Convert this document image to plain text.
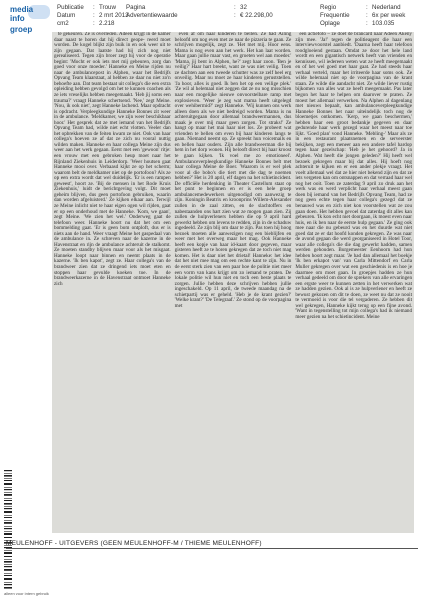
media
info
groep
Publicatie	: Trouw
Datum	: 2 mrt 2013
cm2	: 2.218
Pagina	: 32
Advertentiewaarde	: € 22.298,00
Regio	: Nederland
Frequentie	: 6x per week
Oplage	: 103.035

te gekeuren. Ze is overleden. Adeen krijgt in de kamer daar naast te horen dat hij direct geope- reerd moet worden. De kogel blijkt zijn buik in en ook weer uit te zijn gegaan. Dat laatste had hij zich nog niet gerealiseerd. Tegen zijn broer zegt hij voor de operatie begint: 'Mocht er ook iets met mij gebeuren, zorg dan goed voor onze moeder.' Hanneke en Meine rijden nu naar de ambulancepost in Alphen, waar het Bedrijfs Opvang Team klaarstaat, al hebben ze daar nu niet zo'n behoefte aan. Dat team bestaat uit collega's die een extra opleiding hebben gevolgd om het te kunnen coachen als ze iets vreselijks hebben meegemaakt. 'Heb jij soms een trauma?' vraagt Hanneke schertsend. 'Nee,' zegt Meine. 'Nou, ik ook niet', zegt Hanneke lachend. Maar opdracht is opdracht. Verpleegkundige Hanneke Bonnes zit weer in de ambulance. 'Meldkamer, we zijn weer beschikbaar hoor.' Het gesprek dat ze met iemand van het Bedrijfs Opvang Team had, wilde niet echt vlotten. Veeler dan het opbrekken van de feiten kwam ze niet. Ook van haar collega's hoeven ze af dat ze zich nu vooral nuttig wilden maken. Hanneke en haar collega Meine zijn dus weer aan het werk gegaan. Eerst met een 'gewoon' ritje: een vrouw met een gebroken heup moet naar het Rijnland Ziekenhuis in Leiderdorp. 'Weer houtsen gaat Hanneke mooi over. Verbaasd kijkt ze op het scherm; waarom belt de meldkamer niet op de portofoon? Als ze op een extra wordt dat wel duidelijk. 'Er is een rampen geweest', hoort ze. 'Bij de mensen in het Rode Kruis Ziekenhuis,' luidt de berichtgeving volgt. Dit moet geheim blijven, dus geen portofoon gebruiken, waarin dan worden afgeluisterd.' Ze kijken elkaar aan. Terwijl ze Meine inlicht niet te haar eigen ogen wil rijden, gaat er op een onderhoud met de Hanneke. 'Kom, we gaan', zegt Meine. 'We zien het wel.' Onderweg gaat de telefoon weer. Hanneke hoort nu dat het om een bommelding gaat. 'Er is geen bom ontploft, dus er is niets aan de hand. Weer vraagt Meine het gaspedaal van de ambulance in. Ze schreven naar de kazerne in de Havenstraat en rijn de ambulance achteruit de stalkomt. Ze moeten standby blijven maar voor als het misgaat. Hanneke loopt naar binnen en neemt plaats in de kazerne. 'Ik ben kapot', zegt ze. Haar collega's van de brandweer zien dat ze dringend iets moet eten en stoppen haar gevulde koeken toe. In de brandweerkazerne in de Havenstraat ontmoet Hanneke zich

even af om haar kinderen te bellen. Ze had Ailing beloofd om nog even met ze naar de pizzeria te gaan. Ze schrijven mogelijk, zegt ze. 'Het met mij. Hoor eens. Mama is nog even aan het werk. Het kan laat worden. Maar gaan jullie maar vast, en groeten wel aan moeder.' 'Mama, jij bent in Alphen, he?' zegt haar zoon. 'Ben je veilig?' Haar hart breekt, want ze was niet veilig. Toen ze dachten aan een tweede schutter was ze zelf heel erg onveilig. Maar nu moet ze haar kinderen geruststellen. 'Ja hoor, alles is goed. Ik ben het op een veilige plek.' 'Ze wil al helemaal niet zeggen dat ze nu nog misschien naar een mogelijke nieuwe onvoorstelbare ramp met explosieven. 'Weer je zeg wat mama heeft uitgelegd over wehibermid?' zegt Hanneke. 'Wij kunnen ons werk alleen doen als we niet bedreigd worden. Mama is nu achteruitgegaan door allemaal brandweermannen, dus maak je over mij maar geen zorgen. Tot straks!' Ze hangt op maar het mai haar niet los. Ze probeert wat vrienden te bellen om even bij haar kinderen langs te gaan. Niemand neemt op. Ze spreekt hun voicemails en en bellen haar ouders. Zijn alle brandweerman die bij hem in het dorp wonen. Hij belooft direct bij haar kroost te gaan kijken. 'Ik voel me zo emotioneel'. Ambulanceverpleegkundige Hanneke Bonnes belt met haar collega Meine de Boer. 'Waarom is er wel plek voor al die bobo's die tiert met die dag te noemen hebben?' Het is 20 april, elf dagen na het schietincident. De officiële herdenking in Theater Castellum staat op het punt te beginnen en er is een hele groep ambulancemedewerkers uitgenodigd om aanwezig te zijn. Koningin Beatrix en kroonprins Willem-Alexander zullen in de zaal zitten, en de slachtoffers en nabestaanden ons hart zien wat ze mogen gaan zien. Zij zullen de hulpverleners hebben die op 9 april hard gewerkt hebben om levens te redden, zijn in de schaduw ingedeeld. Ze zijn blij om daar te zijn. Pas toen hij hoog bezoek moeten alle aanwezigen nog een bieblijfen en weer met het overweg maar het mag. Ook Hanneke heeft een kopje van haar id-kaart door gegeven, maar gisteren heeft ze te horen gekregen dat ze toch niet mag komen. Het is daar niet het drietal! Hanneke: het idee dat het niet mee mag om een rechte kant te zijn. Nu in de eerst sterk zien van een paar hoe de politie niet meer een vorm van kans krijgt om zo iemand te praten. De lokale politie wil hun niet en toch een beste plaats te zorgen. Jullie hebben deze schrijven hebben jullie ingeschakeld. Op 11 april, de tweede maandag na de schietpartij was er geheld. 'Heb je de krant gezien?' 'Welke krant?' 'De Telegraaf.' Ze stond op de voorpagina met

een actiefoto – ze doet de brancard naar Adeen Akeny zijn mee. 'Ja!' tegen de politieagent die haar een interviewvoorstel aanbiedt. 'Daarna heeft haar telefoon roodgloeiend gestaan. Omdat ze door het hele land wordt en een gigantisch netwerk heeft van vrienden en kennissen, wil iedereen weten wat ze heeft meegemaakt en of het wel goed met haar gaat. Ze had steeds haar verhaal verteld, maar het irriteerde haar soms ook. Ze wilde helemaal niet op de voorpagina van de krant staan. Ze wilde die aandacht niet. Ze wilde liever rustig bijkomen van alles wat ze heeft meegemaakt. Pas later begon het haar te helpen om daarover te praten. Ze moest het allemaal verwerken. Na Alphen al dagenlang met nieuws bepaalt, kan ambulanceverpleegkundige Hanneke Bonnes het naar uiteindelijk toch nog de bloemetjes ontkomen. 'Kerp, we gaan beschermen,' hebben haar een groot bedankje gegeven en daar gedurende haar werk gezegd waar het meest naar toe lijkt. 'Goed plan' vond Hanneke. 'Mebling-' Maar als ze in een restaurant plaatsnemen en de serveerster bekijken, zegt een meneer aan een andere tafel hardop tegen haar gezelschap: 'Heb je het gehoord? Ja in Alphen. Wat heeft die jongen geleden?' Hij heeft wel bezoek gekregen maar bij dat alles. Hij hoeft nog achteruit te kijken en er een ander plekje vraagt. Het voelt allemaal wel dat ze hier niet bekend zijn en dat ze iets vergeten kan om ontsnappen en dat verraad haar wel nog het ooit. Toen ze zaterdag 9 april zo druk aan het werk was en werd verplicht haar verhaal meest gaan doen bij iemand van het Bedrijfs Opvang Team, had ze nog geen echte tegen haar collega's gezegd dat ze benauwd was en zich niet kon voorstellen wat ze zou gaan doen. Het hebben gevoel dat zaterdag dit alles kan gebeuren. 'Ik kon echt niet doorgaan, ik moest even naar huis, en ik ben naar de eerste hulp gegaan.' Ze ging ook mee naar die nu gebeurd was en het duurde wat niet goed dat ze er dat hoofd konden gekregen. Ze was naar de avond gegaan die werd georganiseerd in Hotel Toor, waar alle collega's die die dag gewerkt hadden, samen werden gehouden. Burgemeester Eenhoorn had hun hebben hoort zegt maar. 'Je had dan allemaal het boekje 'Ik ben erkapot van' van Carla Mittendorf en Carla Muller gekregen over wat een geschiedenis is en hoe je daarmee om moet gaan. In groepjes hadden ze hun verhaal gedeeld om door de sprekers van alle ervaringen een ergste weer te kunnen zetten in het verwerken wat ze hadden gezien. Ook al is ze hulpverlener en heeft ze bewust gekozen om dit te doen, ze weet nu dat ze nooit te vermoeid is voor die tel vergaderen. Ze hebben dit wel gekregen, Hanneke kijkt terug op een fijne avond. 'Want in tegenstelling tot mijn collega's had ik niemand meer gezien na het schietincident. Meine

MEULENHOFF - UITGEVERS (GEEN MEULENHOFF-M / THIEME MEULENHOFF)
alleen voor intern gebruik
